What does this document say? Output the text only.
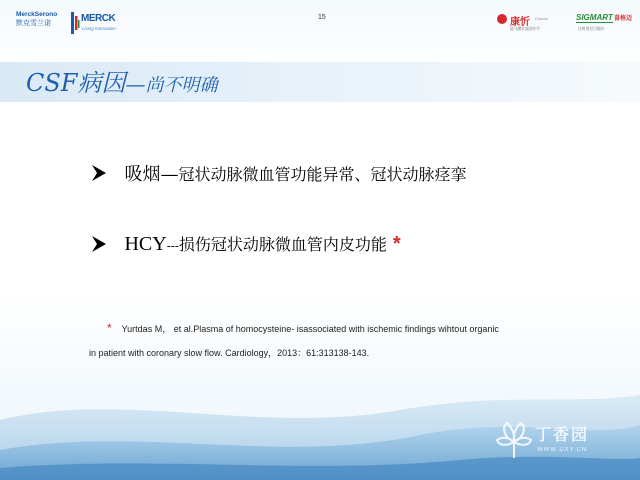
MerckSerono
默克雪兰诺	MERCK
Living Innovation
15	康忻 Concor
富马酸比索洛尔片
SIGMART 喜格迈
注射用尼可地尔
CSF病因—尚不明确
吸烟—冠状动脉微血管功能异常、冠状动脉痉挛
HCY---损伤冠状动脉微血管内皮功能 *
* Yurtdas M， et al.Plasma of homocysteine- isassociated with ischemic findings wihtout organic
in patient with coronary slow flow. Cardiology，2013：61:313138-143.
丁香园
WWW.DXY.CN
